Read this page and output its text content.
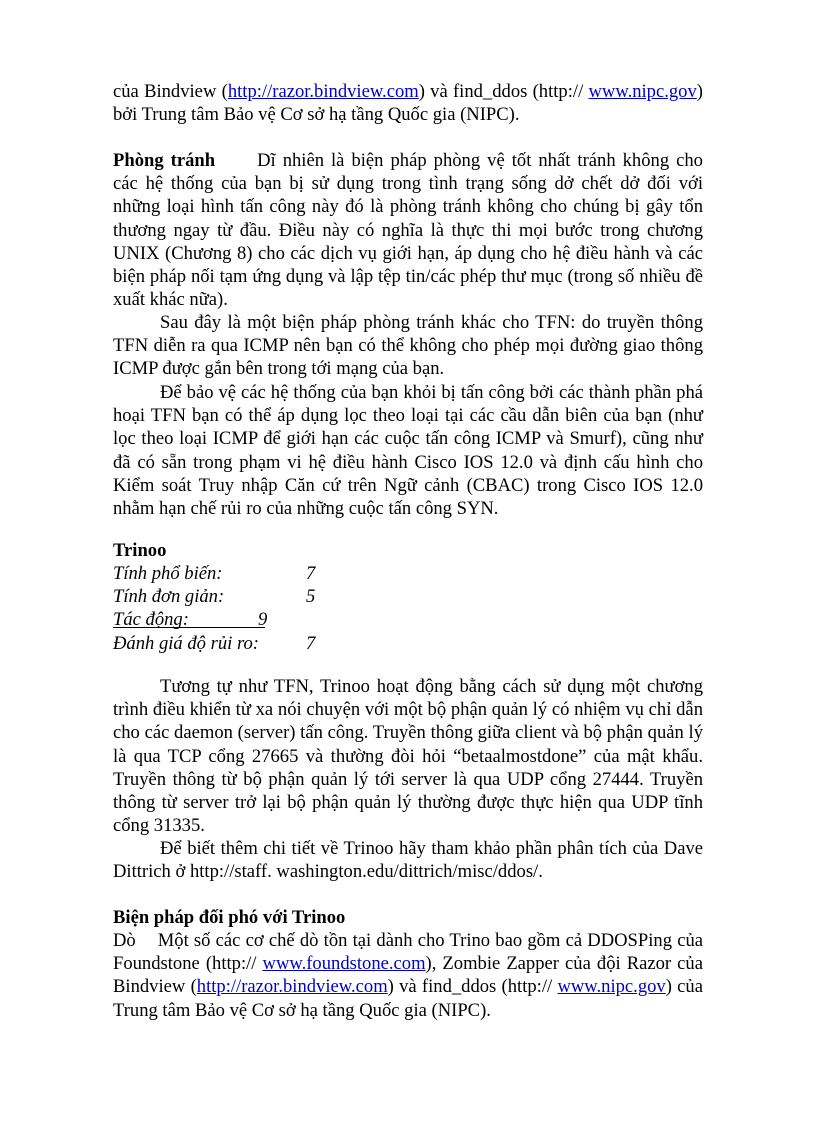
của Bindview (http://razor.bindview.com) và find_ddos (http:// www.nipc.gov) bởi Trung tâm Bảo vệ Cơ sở hạ tầng Quốc gia (NIPC).

Phòng tránh Dĩ nhiên là biện pháp phòng vệ tốt nhất tránh không cho các hệ thống của bạn bị sử dụng trong tình trạng sống dở chết dở đối với những loại hình tấn công này đó là phòng tránh không cho chúng bị gây tổn thương ngay từ đầu. Điều này có nghĩa là thực thi mọi bước trong chương UNIX (Chương 8) cho các dịch vụ giới hạn, áp dụng cho hệ điều hành và các biện pháp nối tạm ứng dụng và lập tệp tin/các phép thư mục (trong số nhiều đề xuất khác nữa).

Sau đây là một biện pháp phòng tránh khác cho TFN: do truyền thông TFN diễn ra qua ICMP nên bạn có thể không cho phép mọi đường giao thông ICMP được gắn bên trong tới mạng của bạn.

Để bảo vệ các hệ thống của bạn khỏi bị tấn công bởi các thành phần phá hoại TFN bạn có thể áp dụng lọc theo loại tại các cầu dẫn biên của bạn (như lọc theo loại ICMP để giới hạn các cuộc tấn công ICMP và Smurf), cũng như đã có sẵn trong phạm vi hệ điều hành Cisco IOS 12.0 và định cấu hình cho Kiểm soát Truy nhập Căn cứ trên Ngữ cảnh (CBAC) trong Cisco IOS 12.0 nhằm hạn chế rủi ro của những cuộc tấn công SYN.

Trinoo

Tính phổ biến:	7
Tính đơn giản:	5
Tác động:	9
Đánh giá độ rủi ro:	7

Tương tự như TFN, Trinoo hoạt động bằng cách sử dụng một chương trình điều khiển từ xa nói chuyện với một bộ phận quản lý có nhiệm vụ chỉ dẫn cho các daemon (server) tấn công. Truyền thông giữa client và bộ phận quản lý là qua TCP cổng 27665 và thường đòi hỏi “betaalmostdone” của mật khẩu. Truyền thông từ bộ phận quản lý tới server là qua UDP cổng 27444. Truyền thông từ server trở lại bộ phận quản lý thường được thực hiện qua UDP tĩnh cổng 31335.

Để biết thêm chi tiết về Trinoo hãy tham khảo phần phân tích của Dave Dittrich ở http://staff. washington.edu/dittrich/misc/ddos/.

Biện pháp đối phó với Trinoo

Dò Một số các cơ chế dò tồn tại dành cho Trino bao gồm cả DDOSPing của Foundstone (http:// www.foundstone.com), Zombie Zapper của đội Razor của Bindview (http://razor.bindview.com) và find_ddos (http:// www.nipc.gov) của Trung tâm Bảo vệ Cơ sở hạ tầng Quốc gia (NIPC).
